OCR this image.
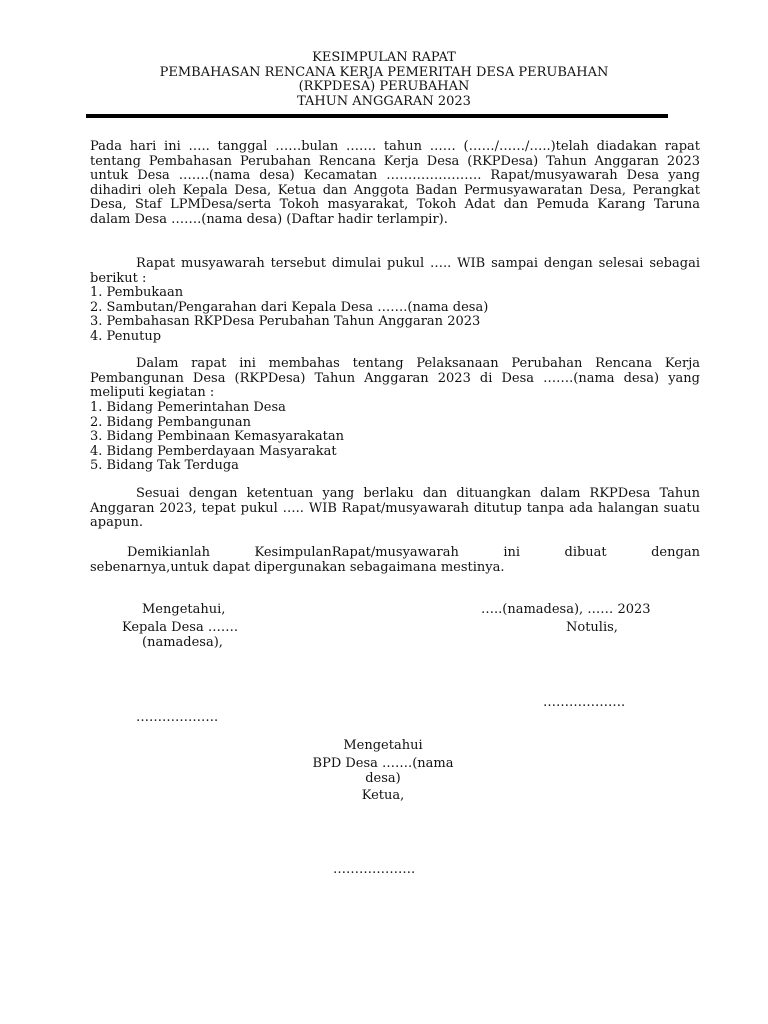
KESIMPULAN RAPAT
PEMBAHASAN RENCANA KERJA PEMERITAH DESA PERUBAHAN
(RKPDESA) PERUBAHAN
TAHUN ANGGARAN 2023
Pada hari ini ….. tanggal ……bulan ……. tahun …… (……/……/…..)telah diadakan rapat tentang Pembahasan Perubahan Rencana Kerja Desa (RKPDesa) Tahun Anggaran 2023 untuk Desa …….(nama desa) Kecamatan …………………. Rapat/musyawarah Desa yang dihadiri oleh Kepala Desa, Ketua dan Anggota Badan Permusyawaratan Desa, Perangkat Desa, Staf LPMDesa/serta Tokoh masyarakat, Tokoh Adat dan Pemuda Karang Taruna dalam Desa …….(nama desa) (Daftar hadir terlampir).
Rapat musyawarah tersebut dimulai pukul ….. WIB sampai dengan selesai sebagai berikut :
1. Pembukaan
2. Sambutan/Pengarahan dari Kepala Desa …….(nama desa)
3. Pembahasan RKPDesa Perubahan Tahun Anggaran 2023
4. Penutup
Dalam rapat ini membahas tentang Pelaksanaan Perubahan Rencana Kerja Pembangunan Desa (RKPDesa) Tahun Anggaran 2023 di Desa …….(nama desa) yang meliputi kegiatan :
1. Bidang Pemerintahan Desa
2. Bidang Pembangunan
3. Bidang Pembinaan Kemasyarakatan
4. Bidang Pemberdayaan Masyarakat
5. Bidang Tak Terduga
Sesuai dengan ketentuan yang berlaku dan dituangkan dalam RKPDesa Tahun Anggaran 2023, tepat pukul ….. WIB Rapat/musyawarah ditutup tanpa ada halangan suatu apapun.
Demikianlah	KesimpulanRapat/musyawarah	ini	dibuat	dengan
sebenarnya,untuk dapat dipergunakan sebagaimana mestinya.
Mengetahui,
Kepala Desa …….
(namadesa),
……………….
…..(namadesa), …… 2023
Notulis,
……………….
Mengetahui
BPD Desa …….(nama
desa)
Ketua,
……………….
